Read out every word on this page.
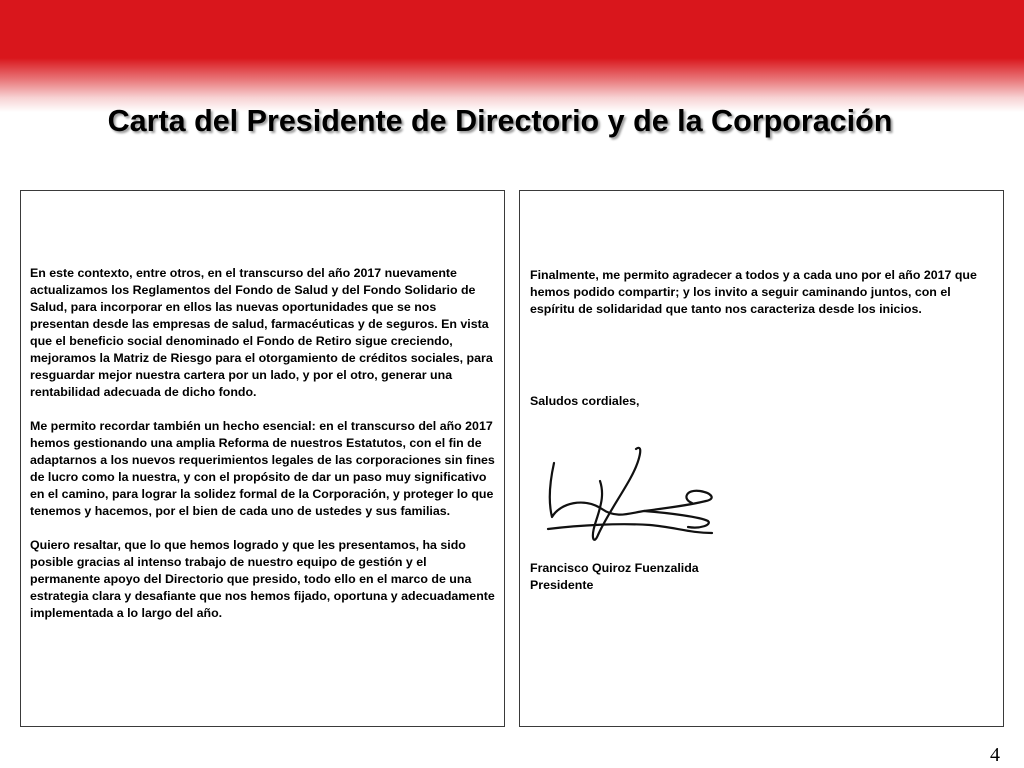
Carta del Presidente de Directorio y de la Corporación

En este contexto, entre otros, en el transcurso del año 2017 nuevamente actualizamos los Reglamentos del Fondo de Salud y del Fondo Solidario de Salud, para incorporar en ellos las nuevas oportunidades que se nos presentan desde las empresas de salud, farmacéuticas y de seguros. En vista que el beneficio social denominado el Fondo de Retiro sigue creciendo, mejoramos la Matriz de Riesgo para el otorgamiento de créditos sociales, para resguardar mejor nuestra cartera por un lado, y por el otro, generar una rentabilidad adecuada de dicho fondo.

Me permito recordar también un hecho esencial: en el transcurso del año 2017 hemos gestionando una amplia Reforma de nuestros Estatutos, con el fin de adaptarnos a los nuevos requerimientos legales de las corporaciones sin fines de lucro como la nuestra, y con el propósito de dar un paso muy significativo en el camino, para lograr la solidez formal de la Corporación, y proteger lo que tenemos y hacemos, por el bien de cada uno de ustedes y sus familias.

Quiero resaltar, que lo que hemos logrado y que les presentamos, ha sido posible gracias al intenso trabajo de nuestro equipo de gestión y el permanente apoyo del Directorio que presido, todo ello en el marco de una estrategia clara y desafiante que nos hemos fijado, oportuna y adecuadamente implementada a lo largo del año.

Finalmente, me permito agradecer a todos y a cada uno por el año 2017 que hemos podido compartir; y los invito a seguir caminando juntos, con el espíritu de solidaridad que tanto nos caracteriza desde los inicios.

Saludos cordiales,

Francisco Quiroz Fuenzalida
Presidente
4
